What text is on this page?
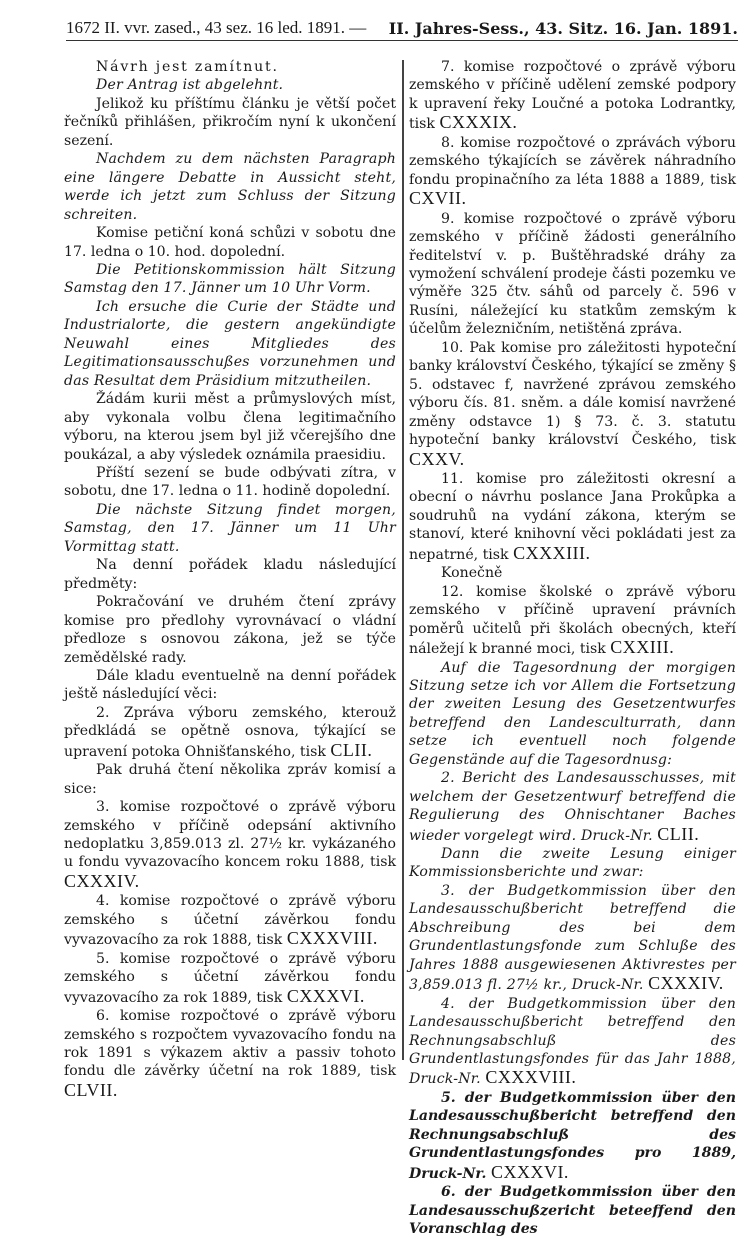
1672 II. vvr. zased., 43 sez. 16 led. 1891. — II. Jahres-Sess., 43. Sitz. 16. Jan. 1891.

Návrh jest zamítnut.

Der Antrag ist abgelehnt.

Jelikož ku příštímu článku je větší počet řečníků přihlášen, přikročím nyní k ukončení sezení.

Nachdem zu dem nächsten Paragraph eine längere Debatte in Aussicht steht, werde ich jetzt zum Schluss der Sitzung schreiten.

Komise petiční koná schůzi v sobotu dne 17. ledna o 10. hod. dopolední.

Die Petitionskommission hält Sitzung Samstag den 17. Jänner um 10 Uhr Vorm.

Ich ersuche die Curie der Städte und Industrialorte, die gestern angekündigte Neuwahl eines Mitgliedes des Legitimationsausschußes vorzunehmen und das Resultat dem Präsidium mitzutheilen.

Žádám kurii měst a průmyslových míst, aby vykonala volbu člena legitimačního výboru, na kterou jsem byl již včerejšího dne poukázal, a aby výsledek oznámila praesidiu.

Příští sezení se bude odbývati zítra, v sobotu, dne 17. ledna o 11. hodině dopolední.

Die nächste Sitzung findet morgen, Samstag, den 17. Jänner um 11 Uhr Vormittag statt.

Na denní pořádek kladu následující předměty:

Pokračování ve druhém čtení zprávy komise pro předlohy vyrovnávací o vládní předloze s osnovou zákona, jež se týče zemědělské rady.

Dále kladu eventuelně na denní pořádek ještě následující věci:

2. Zpráva výboru zemského, kterouž předkládá se opětně osnova, týkající se upravení potoka Ohnišťanského, tisk CLII.

Pak druhá čtení několika zpráv komisí a sice:

3. komise rozpočtové o zprávě výboru zemského v příčině odepsání aktivního nedoplatku 3,859.013 zl. 27½ kr. vykázaného u fondu vyvazovacího koncem roku 1888, tisk CXXXIV.

4. komise rozpočtové o zprávě výboru zemského s účetní závěrkou fondu vyvazovacího za rok 1888, tisk CXXXVIII.

5. komise rozpočtové o zprávě výboru zemského s účetní závěrkou fondu vyvazovacího za rok 1889, tisk CXXXVI.

6. komise rozpočtové o zprávě výboru zemského s rozpočtem vyvazovacího fondu na rok 1891 s výkazem aktiv a passiv tohoto fondu dle závěrky účetní na rok 1889, tisk CLVII.

7. komise rozpočtové o zprávě výboru zemského v příčině udělení zemské podpory k upravení řeky Loučné a potoka Lodrantky, tisk CXXXIX.

8. komise rozpočtové o zprávách výboru zemského týkajících se závěrek náhradního fondu propinačního za léta 1888 a 1889, tisk CXVII.

9. komise rozpočtové o zprávě výboru zemského v příčině žádosti generálního ředitelství v. p. Buštěhradské dráhy za vymožení schválení prodeje části pozemku ve výměře 325 čtv. sáhů od parcely č. 596 v Rusíni, náležející ku statkům zemským k účelům železničním, netištěná zpráva.

10. Pak komise pro záležitosti hypoteční banky království Českého, týkající se změny § 5. odstavec f, navržené zprávou zemského výboru čís. 81. sněm. a dále komisí navržené změny odstavce 1) § 73. č. 3. statutu hypoteční banky království Českého, tisk CXXV.

11. komise pro záležitosti okresní a obecní o návrhu poslance Jana Prokůpka a soudruhů na vydání zákona, kterým se stanoví, které knihovní věci pokládati jest za nepatrné, tisk CXXXIII.

Konečně

12. komise školské o zprávě výboru zemského v příčině upravení právních poměrů učitelů při školách obecných, kteří náležejí k branné moci, tisk CXXIII.

Auf die Tagesordnung der morgigen Sitzung setze ich vor Allem die Fortsetzung der zweiten Lesung des Gesetzentwurfes betreffend den Landesculturrath, dann setze ich eventuell noch folgende Gegenstände auf die Tagesordnusg:

2. Bericht des Landesausschusses, mit welchem der Gesetzentwurf betreffend die Regulierung des Ohnischtaner Baches wieder vorgelegt wird. Druck-Nr. CLII.

Dann die zweite Lesung einiger Kommissionsberichte und zwar:

3. der Budgetkommission über den Landesausschußbericht betreffend die Abschreibung des bei dem Grundentlastungsfonde zum Schluße des Jahres 1888 ausgewiesenen Aktivrestes per 3,859.013 fl. 27½ kr., Druck-Nr. CXXXIV.

4. der Budgetkommission über den Landesausschußbericht betreffend den Rechnungsabschluß des Grundentlastungsfondes für das Jahr 1888, Druck-Nr. CXXXVIII.

5. der Budgetkommission über den Landesausschußbericht betreffend den Rechnungsabschluß des Grundentlastungsfondes pro 1889, Druck-Nr. CXXXVI.

6. der Budgetkommission über den Landesausschußzericht beteeffend den Voranschlag des
